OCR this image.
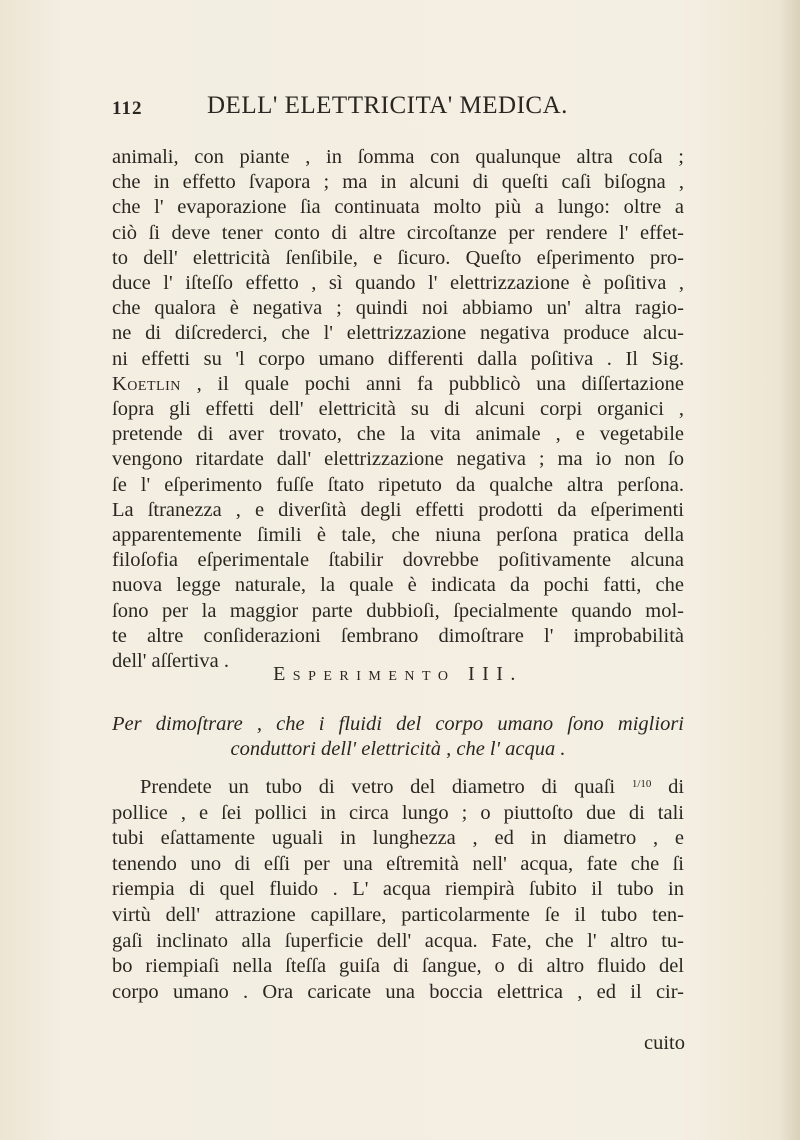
112	DELL' ELETTRICITA' MEDICA.
animali, con piante , in ſomma con qualunque altra coſa ;
che in effetto ſvapora ; ma in alcuni di queſti caſi biſogna ,
che l' evaporazione ſia continuata molto più a lungo: oltre a
ciò ſi deve tener conto di altre circoſtanze per rendere l' effet-
to dell' elettricità ſenſibile, e ſicuro. Queſto eſperimento pro-
duce l' iſteſſo effetto , sì quando l' elettrizzazione è poſitiva ,
che qualora è negativa ; quindi noi abbiamo un' altra ragio-
ne di diſcrederci, che l' elettrizzazione negativa produce alcu-
ni effetti su 'l corpo umano differenti dalla poſitiva . Il Sig.
Koetlin , il quale pochi anni fa pubblicò una diſſertazione
ſopra gli effetti dell' elettricità su di alcuni corpi organici ,
pretende di aver trovato, che la vita animale , e vegetabile
vengono ritardate dall' elettrizzazione negativa ; ma io non ſo
ſe l' eſperimento fuſſe ſtato ripetuto da qualche altra perſona.
La ſtranezza , e diverſità degli effetti prodotti da eſperimenti
apparentemente ſimili è tale, che niuna perſona pratica della
filoſofia eſperimentale ſtabilir dovrebbe poſitivamente alcuna
nuova legge naturale, la quale è indicata da pochi fatti, che
ſono per la maggior parte dubbioſi, ſpecialmente quando mol-
te altre conſiderazioni ſembrano dimoſtrare l' improbabilità
dell' aſſertiva .
Esperimento III.
Per dimoſtrare , che i fluidi del corpo umano ſono migliori
conduttori dell' elettricità , che l' acqua .
Prendete un tubo di vetro del diametro di quaſi $^{1/10}$ di
pollice , e ſei pollici in circa lungo ; o piuttoſto due di tali
tubi eſattamente uguali in lunghezza , ed in diametro , e
tenendo uno di eſſi per una eſtremità nell' acqua, fate che ſi
riempia di quel fluido . L' acqua riempirà ſubito il tubo in
virtù dell' attrazione capillare, particolarmente ſe il tubo ten-
gaſi inclinato alla ſuperficie dell' acqua. Fate, che l' altro tu-
bo riempiaſi nella ſteſſa guiſa di ſangue, o di altro fluido del
corpo umano . Ora caricate una boccia elettrica , ed il cir-
cuito
